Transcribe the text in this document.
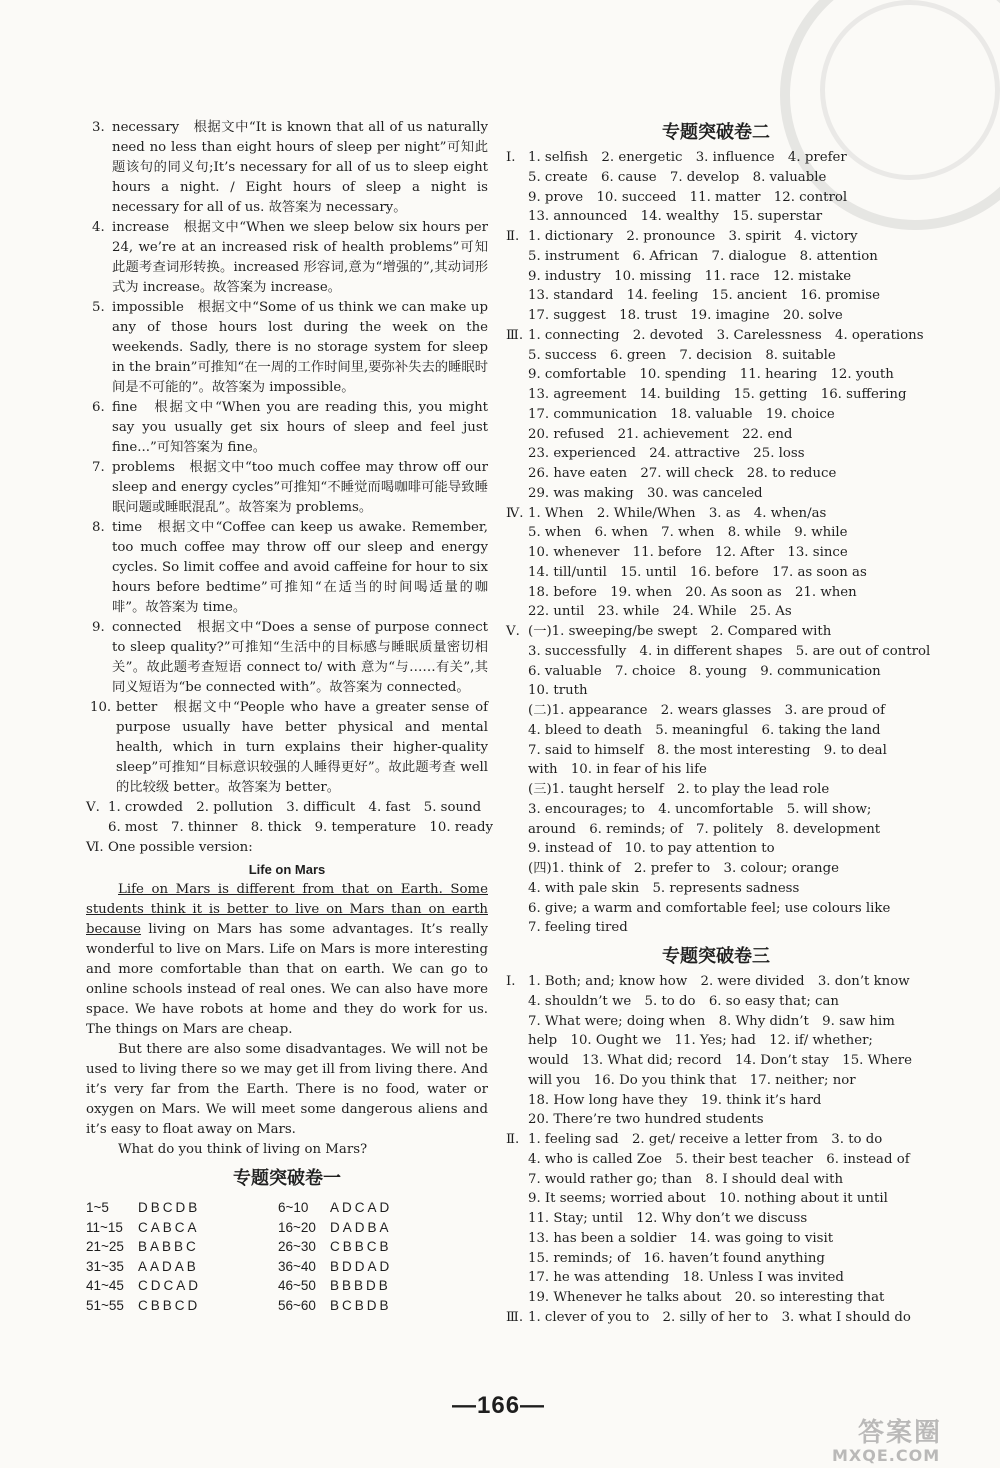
3. necessary　根据文中“It is known that all of us naturally need no less than eight hours of sleep per night”可知此题该句的同义句;It’s necessary for all of us to sleep eight hours a night. / Eight hours of sleep a night is necessary for all of us. 故答案为 necessary。
4. increase　根据文中“When we sleep below six hours per 24, we’re at an increased risk of health problems”可知此题考查词形转换。increased 形容词,意为“增强的”,其动词形式为 increase。故答案为 increase。
5. impossible　根据文中“Some of us think we can make up any of those hours lost during the week on the weekends. Sadly, there is no storage system for sleep in the brain”可推知“在一周的工作时间里,要弥补失去的睡眠时间是不可能的”。故答案为 impossible。
6. fine　根据文中“When you are reading this, you might say you usually get six hours of sleep and feel just fine...”可知答案为 fine。
7. problems　根据文中“too much coffee may throw off our sleep and energy cycles”可推知“不睡觉而喝咖啡可能导致睡眠问题或睡眠混乱”。故答案为 problems。
8. time　根据文中“Coffee can keep us awake. Remember, too much coffee may throw off our sleep and energy cycles. So limit coffee and avoid caffeine for hour to six hours before bedtime”可推知“在适当的时间喝适量的咖啡”。故答案为 time。
9. connected　根据文中“Does a sense of purpose connect to sleep quality?”可推知“生活中的目标感与睡眠质量密切相关”。故此题考查短语 connect to/ with 意为“与……有关”,其同义短语为“be connected with”。故答案为 connected。
10. better　根据文中“People who have a greater sense of purpose usually have better physical and mental health, which in turn explains their higher-quality sleep”可推知“目标意识较强的人睡得更好”。故此题考查 well 的比较级 better。故答案为 better。
Ⅴ. 1. crowded　2. pollution　3. difficult　4. fast　5. sound
6. most　7. thinner　8. thick　9. temperature　10. ready
Ⅵ. One possible version:
Life on Mars
Life on Mars is different from that on Earth. Some students think it is better to live on Mars than on earth because living on Mars has some advantages. It’s really wonderful to live on Mars. Life on Mars is more interesting and more comfortable than that on earth. We can go to online schools instead of real ones. We can also have more space. We have robots at home and they do work for us. The things on Mars are cheap.
But there are also some disadvantages. We will not be used to living there so we may get ill from living there. And it’s very far from the Earth. There is no food, water or oxygen on Mars. We will meet some dangerous aliens and it’s easy to float away on Mars.
What do you think of living on Mars?
专题突破卷一
1~5	DBCDB	6~10	ADCAD
11~15	CABCA	16~20	DADBA
21~25	BABBC	26~30	CBBCB
31~35	AADAB	36~40	BDDAD
41~45	CDCAD	46~50	BBBDB
51~55	CBBCD	56~60	BCBDB
专题突破卷二
Ⅰ. 1. selfish　2. energetic　3. influence　4. prefer
5. create　6. cause　7. develop　8. valuable
9. prove　10. succeed　11. matter　12. control
13. announced　14. wealthy　15. superstar
Ⅱ. 1. dictionary　2. pronounce　3. spirit　4. victory
5. instrument　6. African　7. dialogue　8. attention
9. industry　10. missing　11. race　12. mistake
13. standard　14. feeling　15. ancient　16. promise
17. suggest　18. trust　19. imagine　20. solve
Ⅲ. 1. connecting　2. devoted　3. Carelessness　4. operations
5. success　6. green　7. decision　8. suitable
9. comfortable　10. spending　11. hearing　12. youth
13. agreement　14. building　15. getting　16. suffering
17. communication　18. valuable　19. choice
20. refused　21. achievement　22. end
23. experienced　24. attractive　25. loss
26. have eaten　27. will check　28. to reduce
29. was making　30. was canceled
Ⅳ. 1. When　2. While/When　3. as　4. when/as
5. when　6. when　7. when　8. while　9. while
10. whenever　11. before　12. After　13. since
14. till/until　15. until　16. before　17. as soon as
18. before　19. when　20. As soon as　21. when
22. until　23. while　24. While　25. As
Ⅴ. (一)1. sweeping/be swept　2. Compared with
3. successfully　4. in different shapes　5. are out of control
6. valuable　7. choice　8. young　9. communication
10. truth
(二)1. appearance　2. wears glasses　3. are proud of
4. bleed to death　5. meaningful　6. taking the land
7. said to himself　8. the most interesting　9. to deal
with　10. in fear of his life
(三)1. taught herself　2. to play the lead role
3. encourages; to　4. uncomfortable　5. will show;
around　6. reminds; of　7. politely　8. development
9. instead of　10. to pay attention to
(四)1. think of　2. prefer to　3. colour; orange
4. with pale skin　5. represents sadness
6. give; a warm and comfortable feel; use colours like
7. feeling tired
专题突破卷三
Ⅰ. 1. Both; and; know how　2. were divided　3. don’t know
4. shouldn’t we　5. to do　6. so easy that; can
7. What were; doing when　8. Why didn’t　9. saw him
help　10. Ought we　11. Yes; had　12. if/ whether;
would　13. What did; record　14. Don’t stay　15. Where
will you　16. Do you think that　17. neither; nor
18. How long have they　19. think it’s hard
20. There’re two hundred students
Ⅱ. 1. feeling sad　2. get/ receive a letter from　3. to do
4. who is called Zoe　5. their best teacher　6. instead of
7. would rather go; than　8. I should deal with
9. It seems; worried about　10. nothing about it until
11. Stay; until　12. Why don’t we discuss
13. has been a soldier　14. was going to visit
15. reminds; of　16. haven’t found anything
17. he was attending　18. Unless I was invited
19. Whenever he talks about　20. so interesting that
Ⅲ. 1. clever of you to　2. silly of her to　3. what I should do
—166—
答案圈
MXQE.COM
